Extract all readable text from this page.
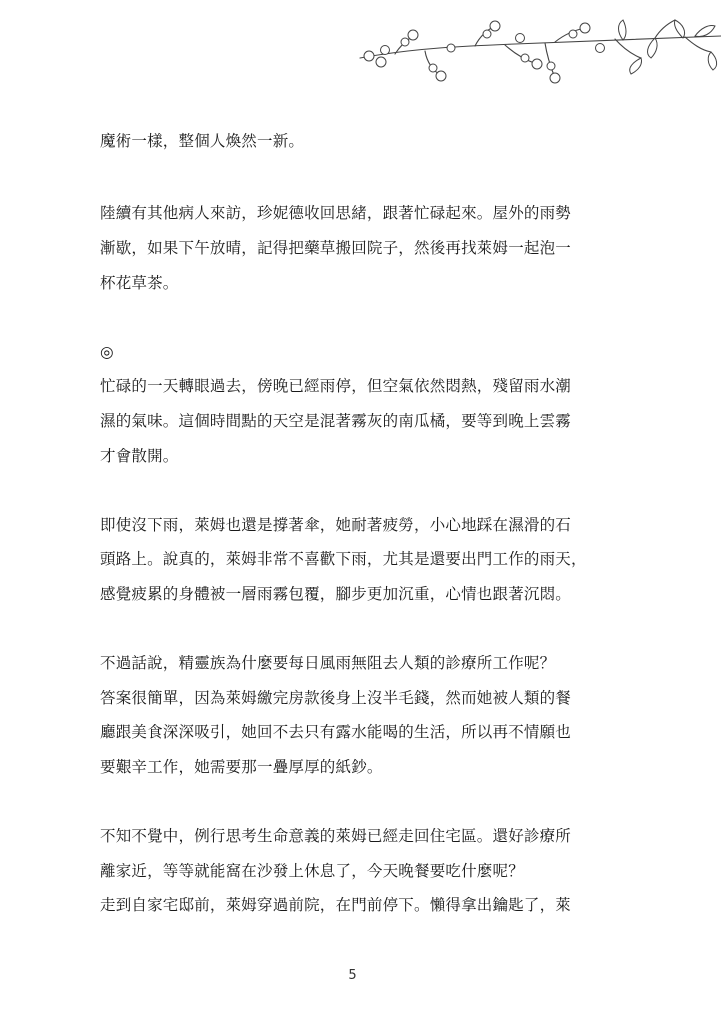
魔術一樣，整個人煥然一新。
陸續有其他病人來訪，珍妮德收回思緒，跟著忙碌起來。屋外的雨勢
漸歇，如果下午放晴，記得把藥草搬回院子，然後再找萊姆一起泡一
杯花草茶。
◎
忙碌的一天轉眼過去，傍晚已經雨停，但空氣依然悶熱，殘留雨水潮
濕的氣味。這個時間點的天空是混著霧灰的南瓜橘，要等到晚上雲霧
才會散開。
即使沒下雨，萊姆也還是撐著傘，她耐著疲勞，小心地踩在濕滑的石
頭路上。說真的，萊姆非常不喜歡下雨，尤其是還要出門工作的雨天，
感覺疲累的身體被一層雨霧包覆，腳步更加沉重，心情也跟著沉悶。
不過話說，精靈族為什麼要每日風雨無阻去人類的診療所工作呢？
答案很簡單，因為萊姆繳完房款後身上沒半毛錢，然而她被人類的餐
廳跟美食深深吸引，她回不去只有露水能喝的生活，所以再不情願也
要艱辛工作，她需要那一疊厚厚的紙鈔。
不知不覺中，例行思考生命意義的萊姆已經走回住宅區。還好診療所
離家近，等等就能窩在沙發上休息了，今天晚餐要吃什麼呢？
走到自家宅邸前，萊姆穿過前院，在門前停下。懶得拿出鑰匙了，萊
5
